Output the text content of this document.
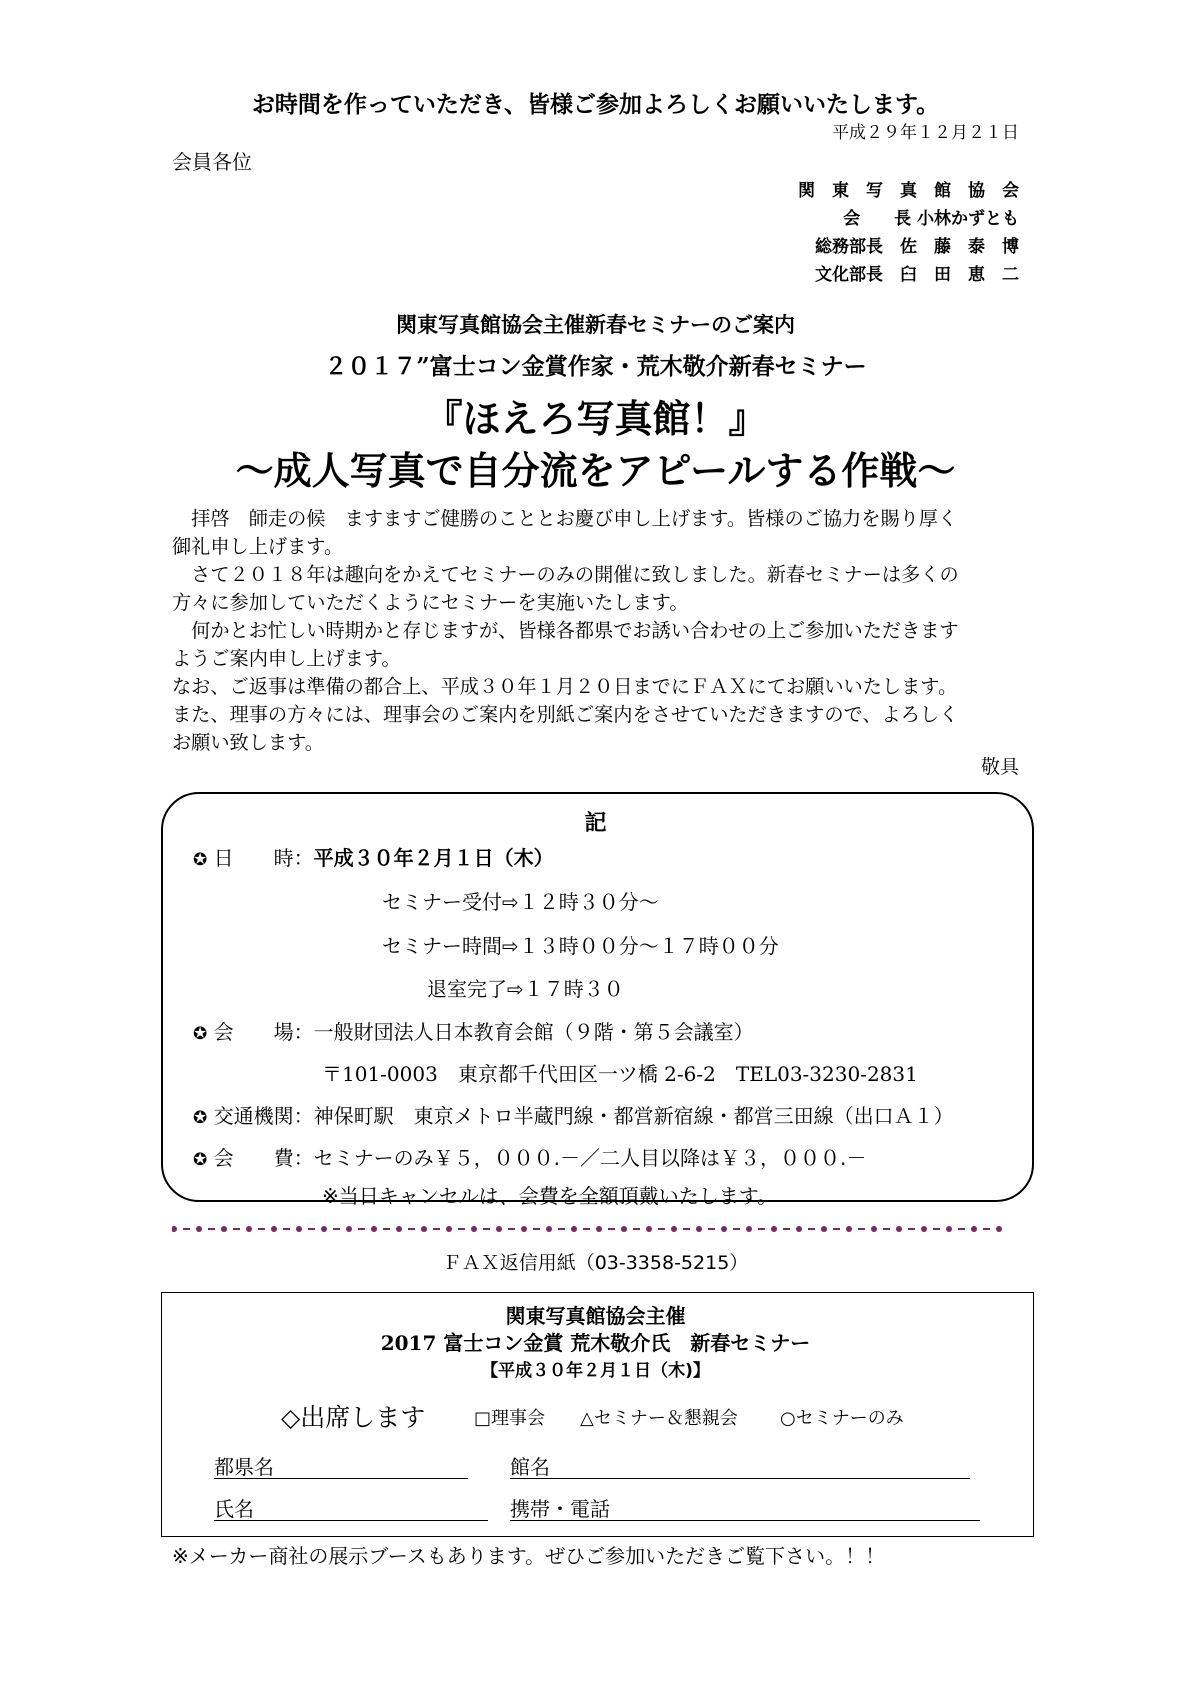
お時間を作っていただき、皆様ご参加よろしくお願いいたします。
平成２９年１２月２１日
会員各位
関　東　写　真　館　協　会
会　　長 小林かずとも
総務部長　佐　藤　泰　博
文化部長　臼　田　恵　二
関東写真館協会主催新春セミナーのご案内
２０１７”富士コン金賞作家・荒木敬介新春セミナー
『ほえろ写真館！』
～成人写真で自分流をアピールする作戦～
　拝啓　師走の候　ますますご健勝のこととお慶び申し上げます。皆様のご協力を賜り厚く
御礼申し上げます。
　さて２０１８年は趣向をかえてセミナーのみの開催に致しました。新春セミナーは多くの
方々に参加していただくようにセミナーを実施いたします。
　何かとお忙しい時期かと存じますが、皆様各都県でお誘い合わせの上ご参加いただきます
ようご案内申し上げます。
なお、ご返事は準備の都合上、平成３０年１月２０日までにＦＡＸにてお願いいたします。
また、理事の方々には、理事会のご案内を別紙ご案内をさせていただきますので、よろしく
お願い致します。
敬具
記
✪ 日　　時：平成３０年２月１日（木）
セミナー受付⇨１２時３０分～
セミナー時間⇨１３時００分～１７時００分
退室完了⇨１７時３０
✪ 会　　場：一般財団法人日本教育会館（９階・第５会議室）
〒101-0003　東京都千代田区一ツ橋 2-6-2　TEL03-3230-2831
✪ 交通機関：神保町駅　東京メトロ半蔵門線・都営新宿線・都営三田線（出口Ａ１）
✪ 会　　費：セミナーのみ￥５，０００.－／二人目以降は￥３，０００.－
※当日キャンセルは、会費を全額頂戴いたします。
ＦＡＸ返信用紙（03-3358-5215）
関東写真館協会主催
2017 富士コン金賞 荒木敬介氏　新春セミナー
【平成３０年２月１日（木)】
◇出席します	□理事会 △セミナー＆懇親会 ○セミナーのみ
都県名	館名
氏名	携帯・電話
※メーカー商社の展示ブースもあります。ぜひご参加いただきご覧下さい。！！
